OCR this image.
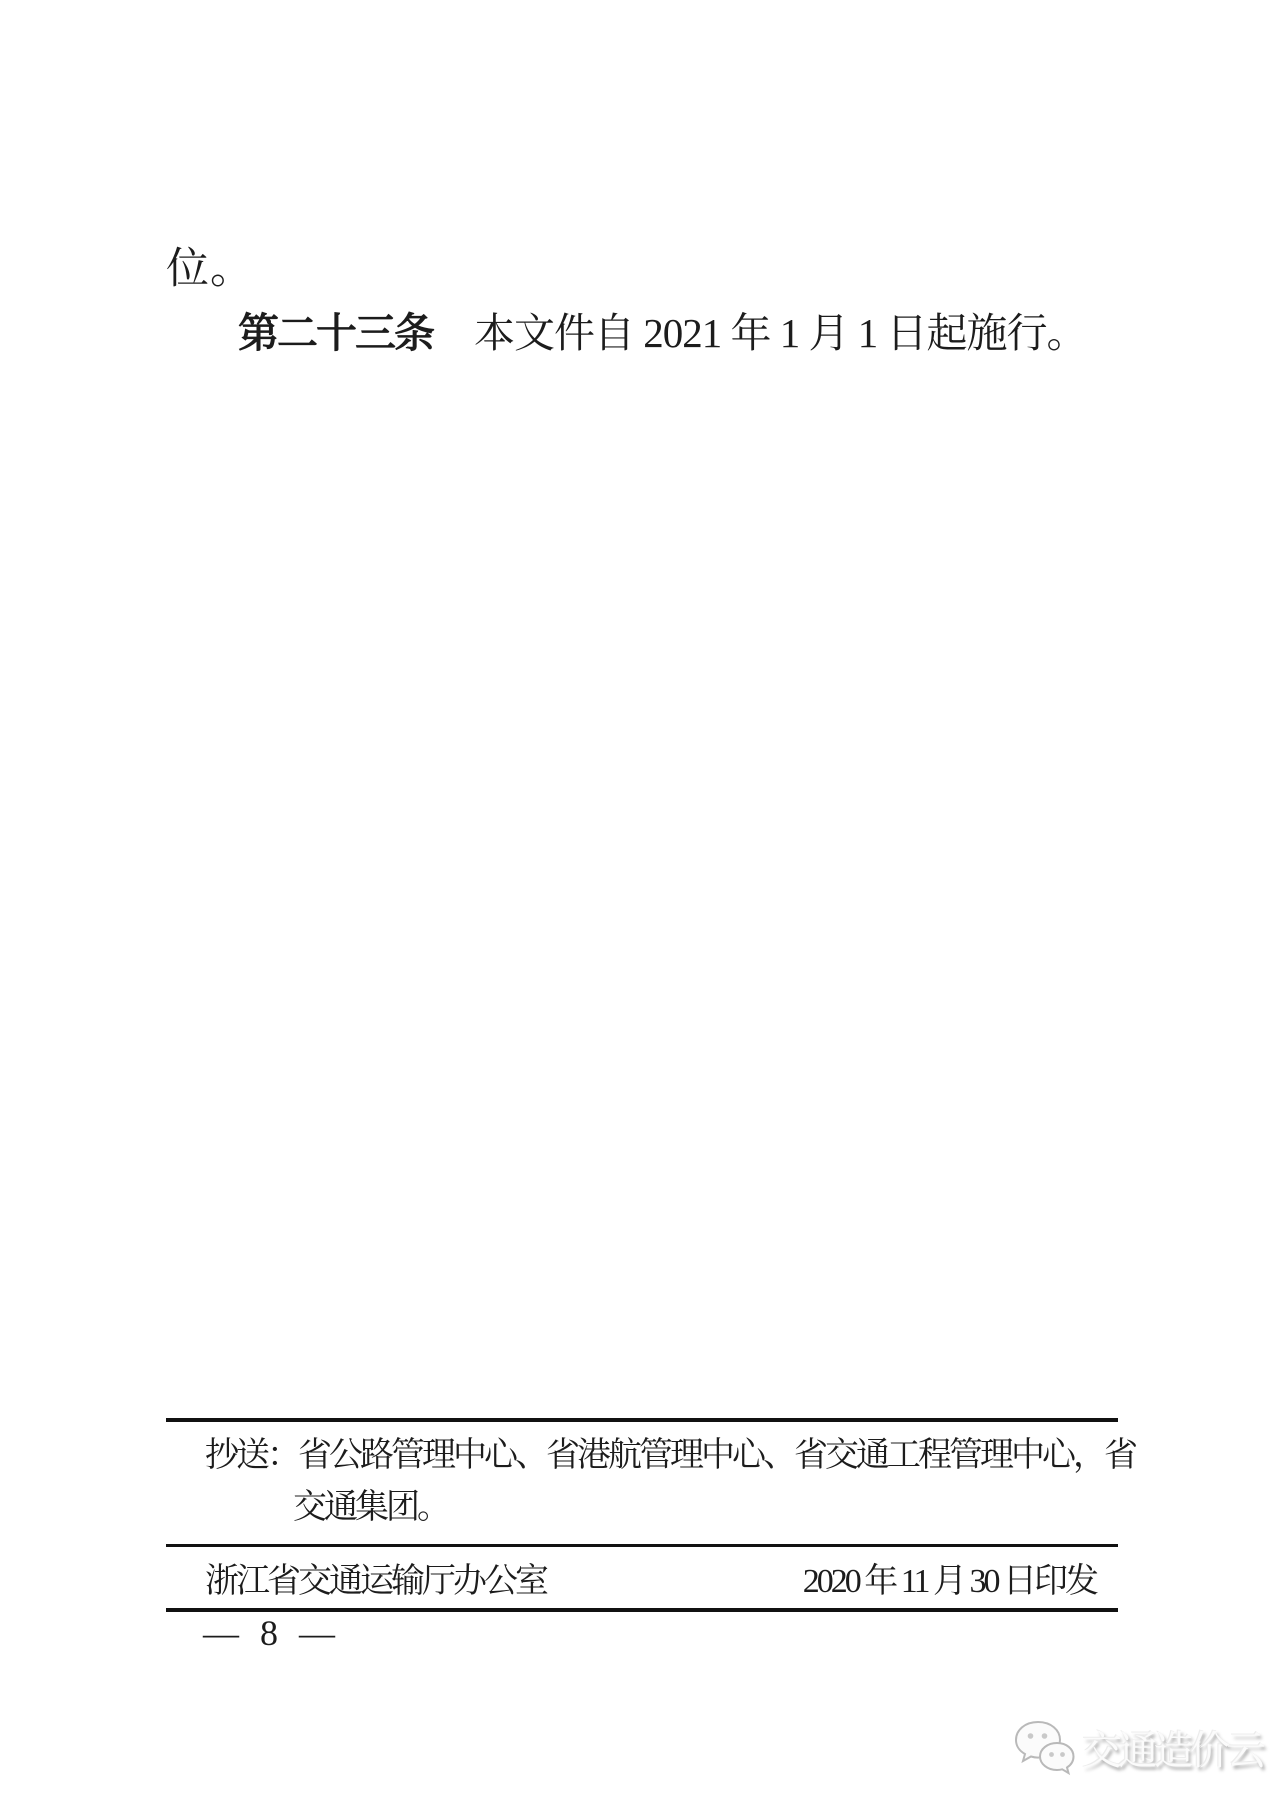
位。
第二十三条  本文件自 2021 年 1 月 1 日起施行。
抄送：省公路管理中心、省港航管理中心、省交通工程管理中心，省
交通集团。
浙江省交通运输厅办公室	2020 年 11 月 30 日印发
— 8 —
交通造价云
